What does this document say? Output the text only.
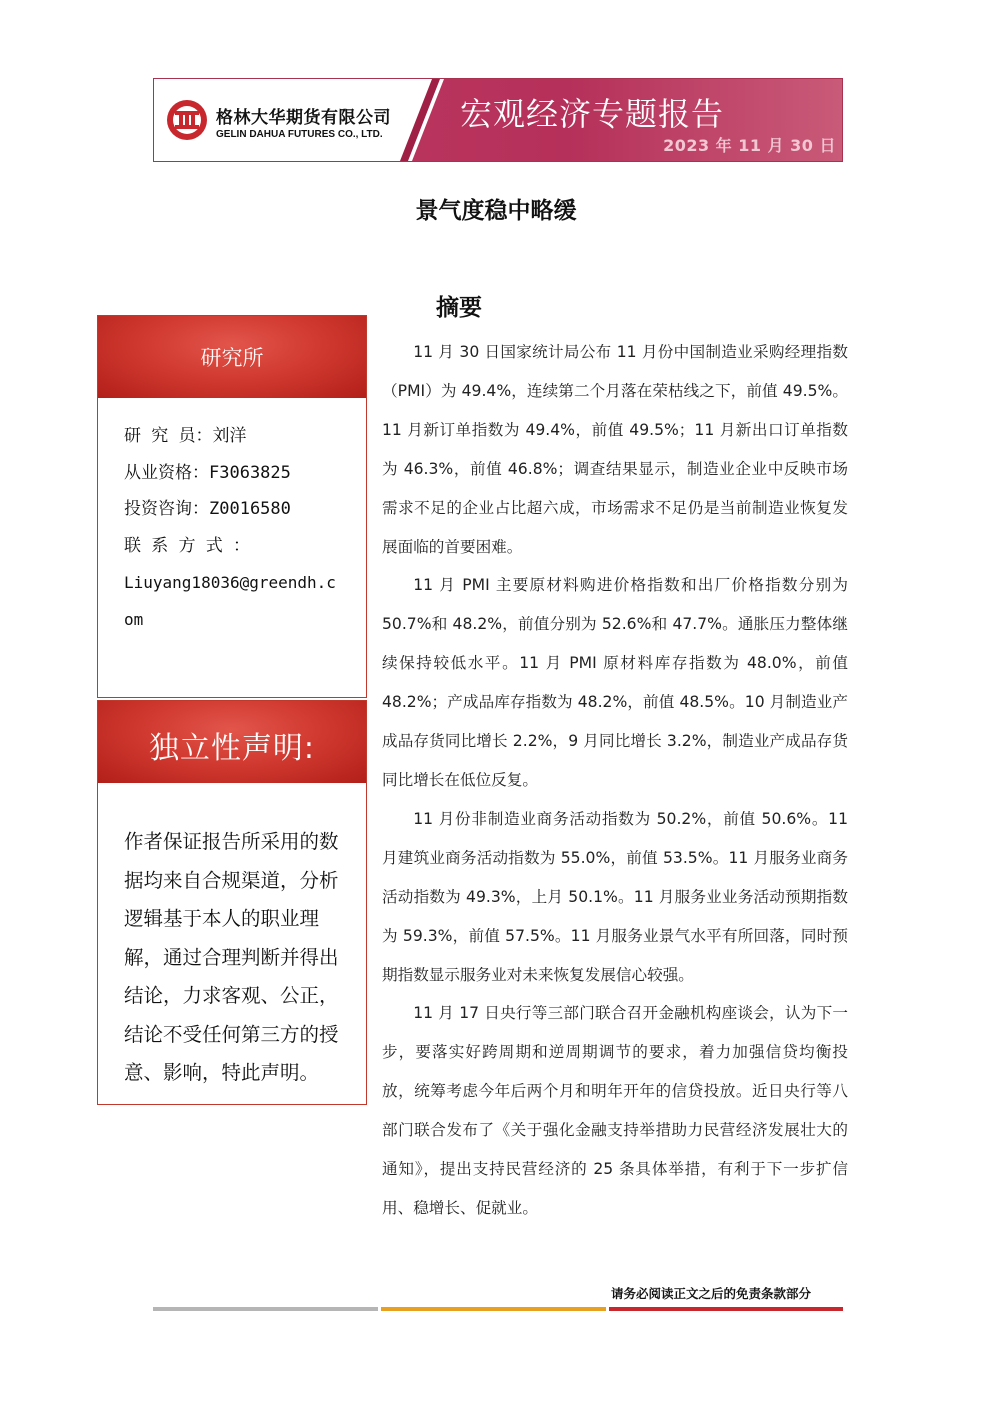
格林大华期货有限公司
GELIN DAHUA FUTURES CO., LTD.
宏观经济专题报告
2023 年 11 月 30 日
景气度稳中略缓
摘要
研究所
研 究 员：刘洋
从业资格：F3063825
投资咨询：Z0016580
联 系 方 式 ：
Liuyang18036@greendh.c
om
独立性声明:
作者保证报告所采用的数据均来自合规渠道，分析逻辑基于本人的职业理解，通过合理判断并得出结论，力求客观、公正，结论不受任何第三方的授意、影响，特此声明。

11 月 30 日国家统计局公布 11 月份中国制造业采购经理指数（PMI）为 49.4%，连续第二个月落在荣枯线之下，前值 49.5%。11 月新订单指数为 49.4%，前值 49.5%；11 月新出口订单指数为 46.3%，前值 46.8%；调查结果显示，制造业企业中反映市场需求不足的企业占比超六成，市场需求不足仍是当前制造业恢复发展面临的首要困难。

11 月 PMI 主要原材料购进价格指数和出厂价格指数分别为 50.7%和 48.2%，前值分别为 52.6%和 47.7%。通胀压力整体继续保持较低水平。11 月 PMI 原材料库存指数为 48.0%，前值 48.2%；产成品库存指数为 48.2%，前值 48.5%。10 月制造业产成品存货同比增长 2.2%，9 月同比增长 3.2%，制造业产成品存货同比增长在低位反复。

11 月份非制造业商务活动指数为 50.2%，前值 50.6%。11 月建筑业商务活动指数为 55.0%，前值 53.5%。11 月服务业商务活动指数为 49.3%，上月 50.1%。11 月服务业业务活动预期指数为 59.3%，前值 57.5%。11 月服务业景气水平有所回落，同时预期指数显示服务业对未来恢复发展信心较强。

11 月 17 日央行等三部门联合召开金融机构座谈会，认为下一步，要落实好跨周期和逆周期调节的要求，着力加强信贷均衡投放，统筹考虑今年后两个月和明年开年的信贷投放。近日央行等八部门联合发布了《关于强化金融支持举措助力民营经济发展壮大的通知》，提出支持民营经济的 25 条具体举措，有利于下一步扩信用、稳增长、促就业。

请务必阅读正文之后的免责条款部分
